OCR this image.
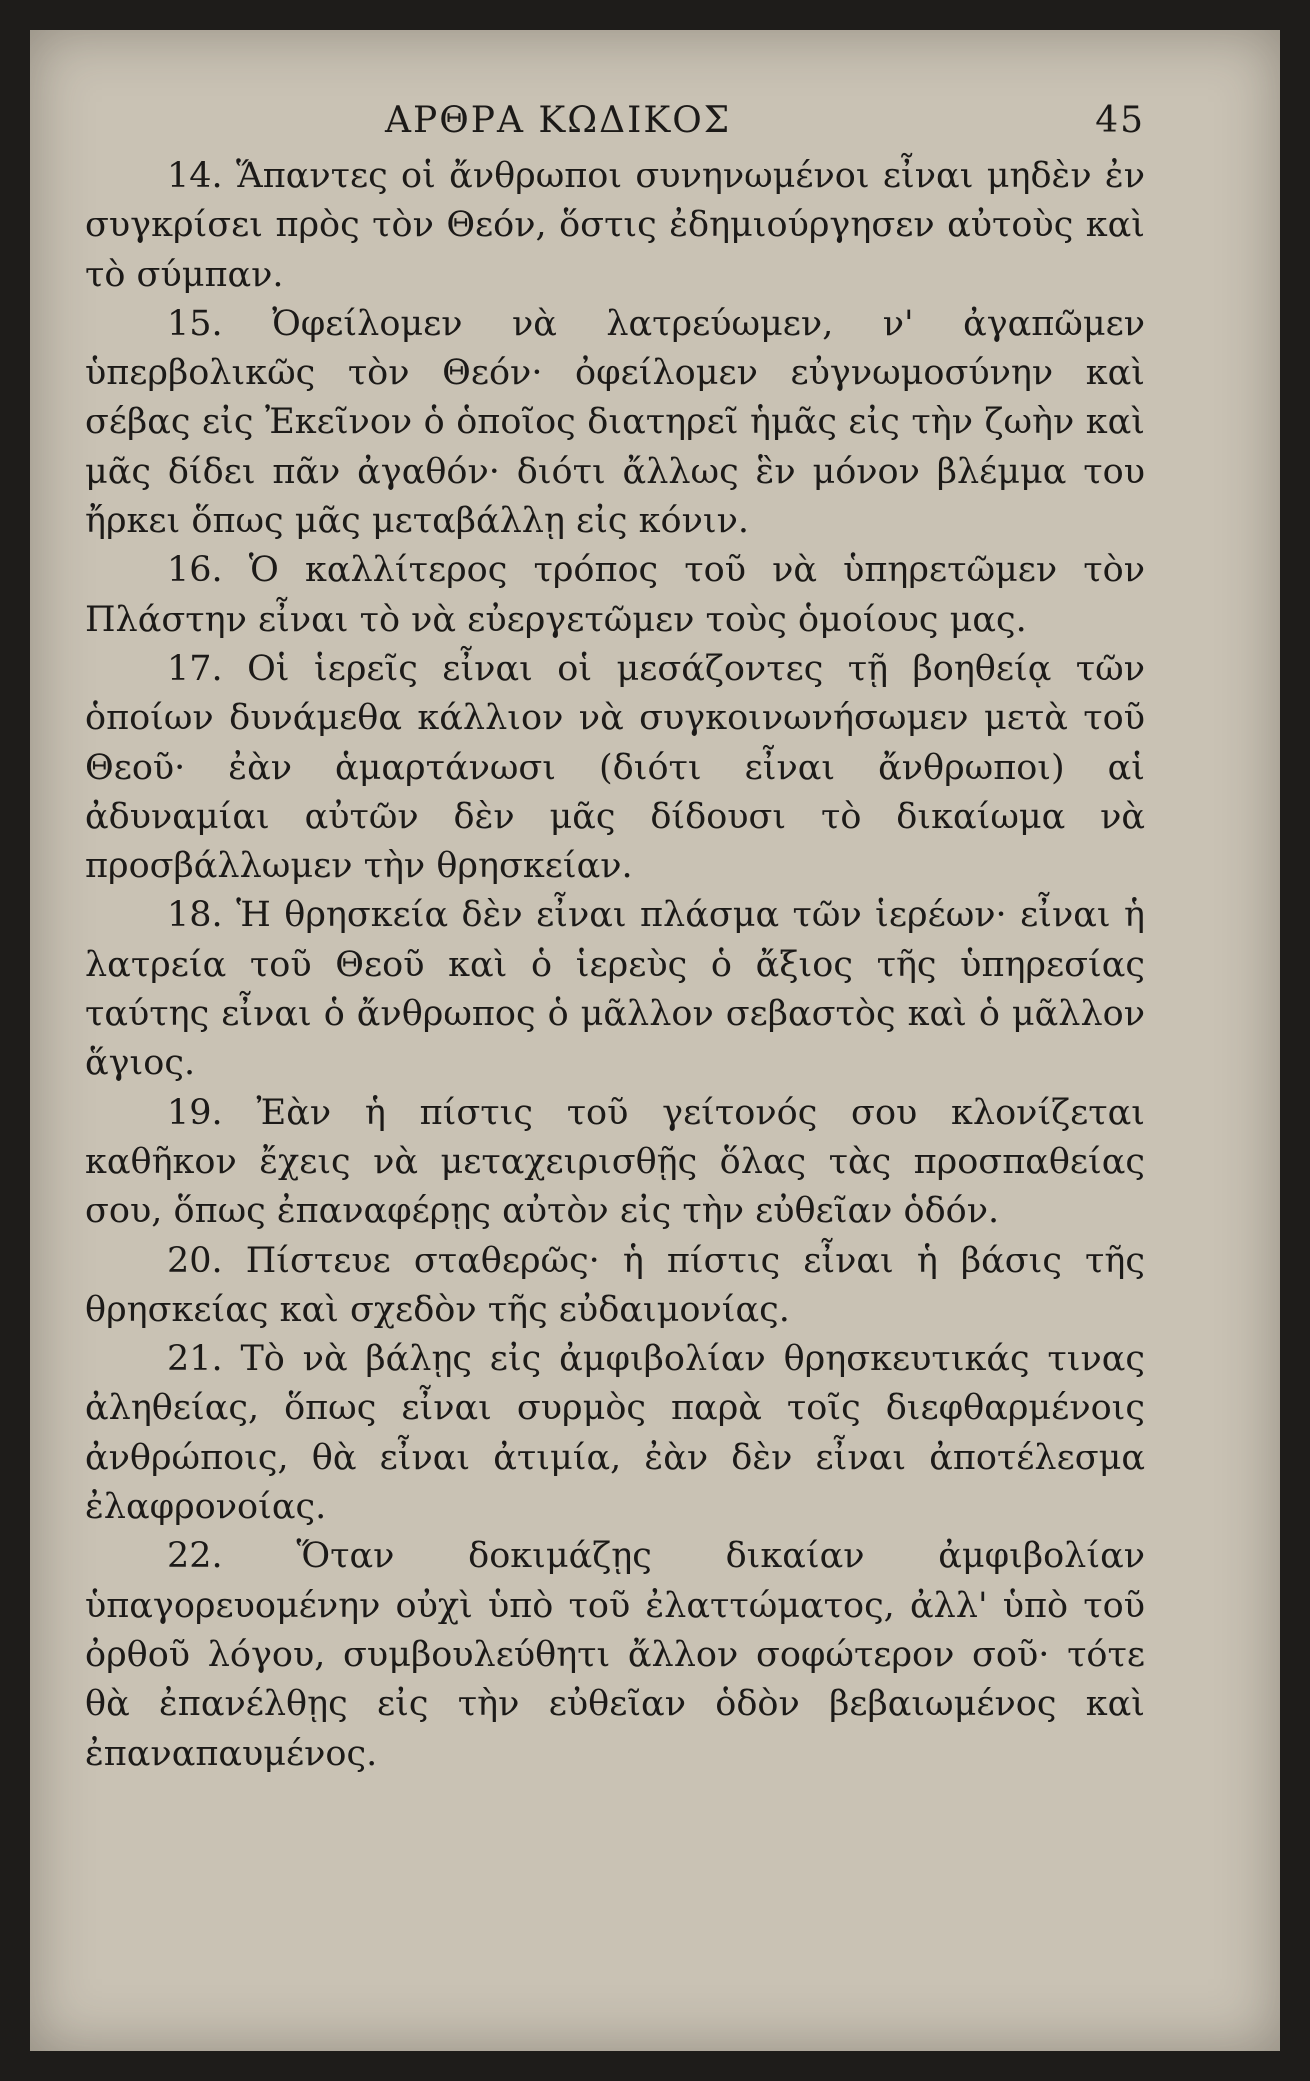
ΑΡΘΡΑ ΚΩΔΙΚΟΣ	45

14. Ἅπαντες οἱ ἄνθρωποι συνηνωμένοι εἶναι μηδὲν ἐν συγκρίσει πρὸς τὸν Θεόν, ὅστις ἐδημιούργησεν αὐτοὺς καὶ τὸ σύμπαν.

15. Ὀφείλομεν νὰ λατρεύωμεν, ν' ἀγαπῶμεν ὑπερβολικῶς τὸν Θεόν· ὀφείλομεν εὐγνωμοσύνην καὶ σέβας εἰς Ἐκεῖνον ὁ ὁποῖος διατηρεῖ ἡμᾶς εἰς τὴν ζωὴν καὶ μᾶς δίδει πᾶν ἀγαθόν· διότι ἄλλως ἓν μόνον βλέμμα του ἤρκει ὅπως μᾶς μεταβάλλῃ εἰς κόνιν.

16. Ὁ καλλίτερος τρόπος τοῦ νὰ ὑπηρετῶμεν τὸν Πλάστην εἶναι τὸ νὰ εὐεργετῶμεν τοὺς ὁμοίους μας.

17. Οἱ ἱερεῖς εἶναι οἱ μεσάζοντες τῇ βοηθείᾳ τῶν ὁποίων δυνάμεθα κάλλιον νὰ συγκοινωνήσωμεν μετὰ τοῦ Θεοῦ· ἐὰν ἁμαρτάνωσι (διότι εἶναι ἄνθρωποι) αἱ ἀδυναμίαι αὐτῶν δὲν μᾶς δίδουσι τὸ δικαίωμα νὰ προσβάλλωμεν τὴν θρησκείαν.

18. Ἡ θρησκεία δὲν εἶναι πλάσμα τῶν ἱερέων· εἶναι ἡ λατρεία τοῦ Θεοῦ καὶ ὁ ἱερεὺς ὁ ἄξιος τῆς ὑπηρεσίας ταύτης εἶναι ὁ ἄνθρωπος ὁ μᾶλλον σεβαστὸς καὶ ὁ μᾶλλον ἅγιος.

19. Ἐὰν ἡ πίστις τοῦ γείτονός σου κλονίζεται καθῆκον ἔχεις νὰ μεταχειρισθῇς ὅλας τὰς προσπαθείας σου, ὅπως ἐπαναφέρῃς αὐτὸν εἰς τὴν εὐθεῖαν ὁδόν.

20. Πίστευε σταθερῶς· ἡ πίστις εἶναι ἡ βάσις τῆς θρησκείας καὶ σχεδὸν τῆς εὐδαιμονίας.

21. Τὸ νὰ βάλῃς εἰς ἀμφιβολίαν θρησκευτικάς τινας ἀληθείας, ὅπως εἶναι συρμὸς παρὰ τοῖς διεφθαρμένοις ἀνθρώποις, θὰ εἶναι ἀτιμία, ἐὰν δὲν εἶναι ἀποτέλεσμα ἐλαφρονοίας.

22. Ὅταν δοκιμάζῃς δικαίαν ἀμφιβολίαν ὑπαγορευομένην οὐχὶ ὑπὸ τοῦ ἐλαττώματος, ἀλλ' ὑπὸ τοῦ ὀρθοῦ λόγου, συμβουλεύθητι ἄλλον σοφώτερον σοῦ· τότε θὰ ἐπανέλθῃς εἰς τὴν εὐθεῖαν ὁδὸν βεβαιωμένος καὶ ἐπαναπαυμένος.
